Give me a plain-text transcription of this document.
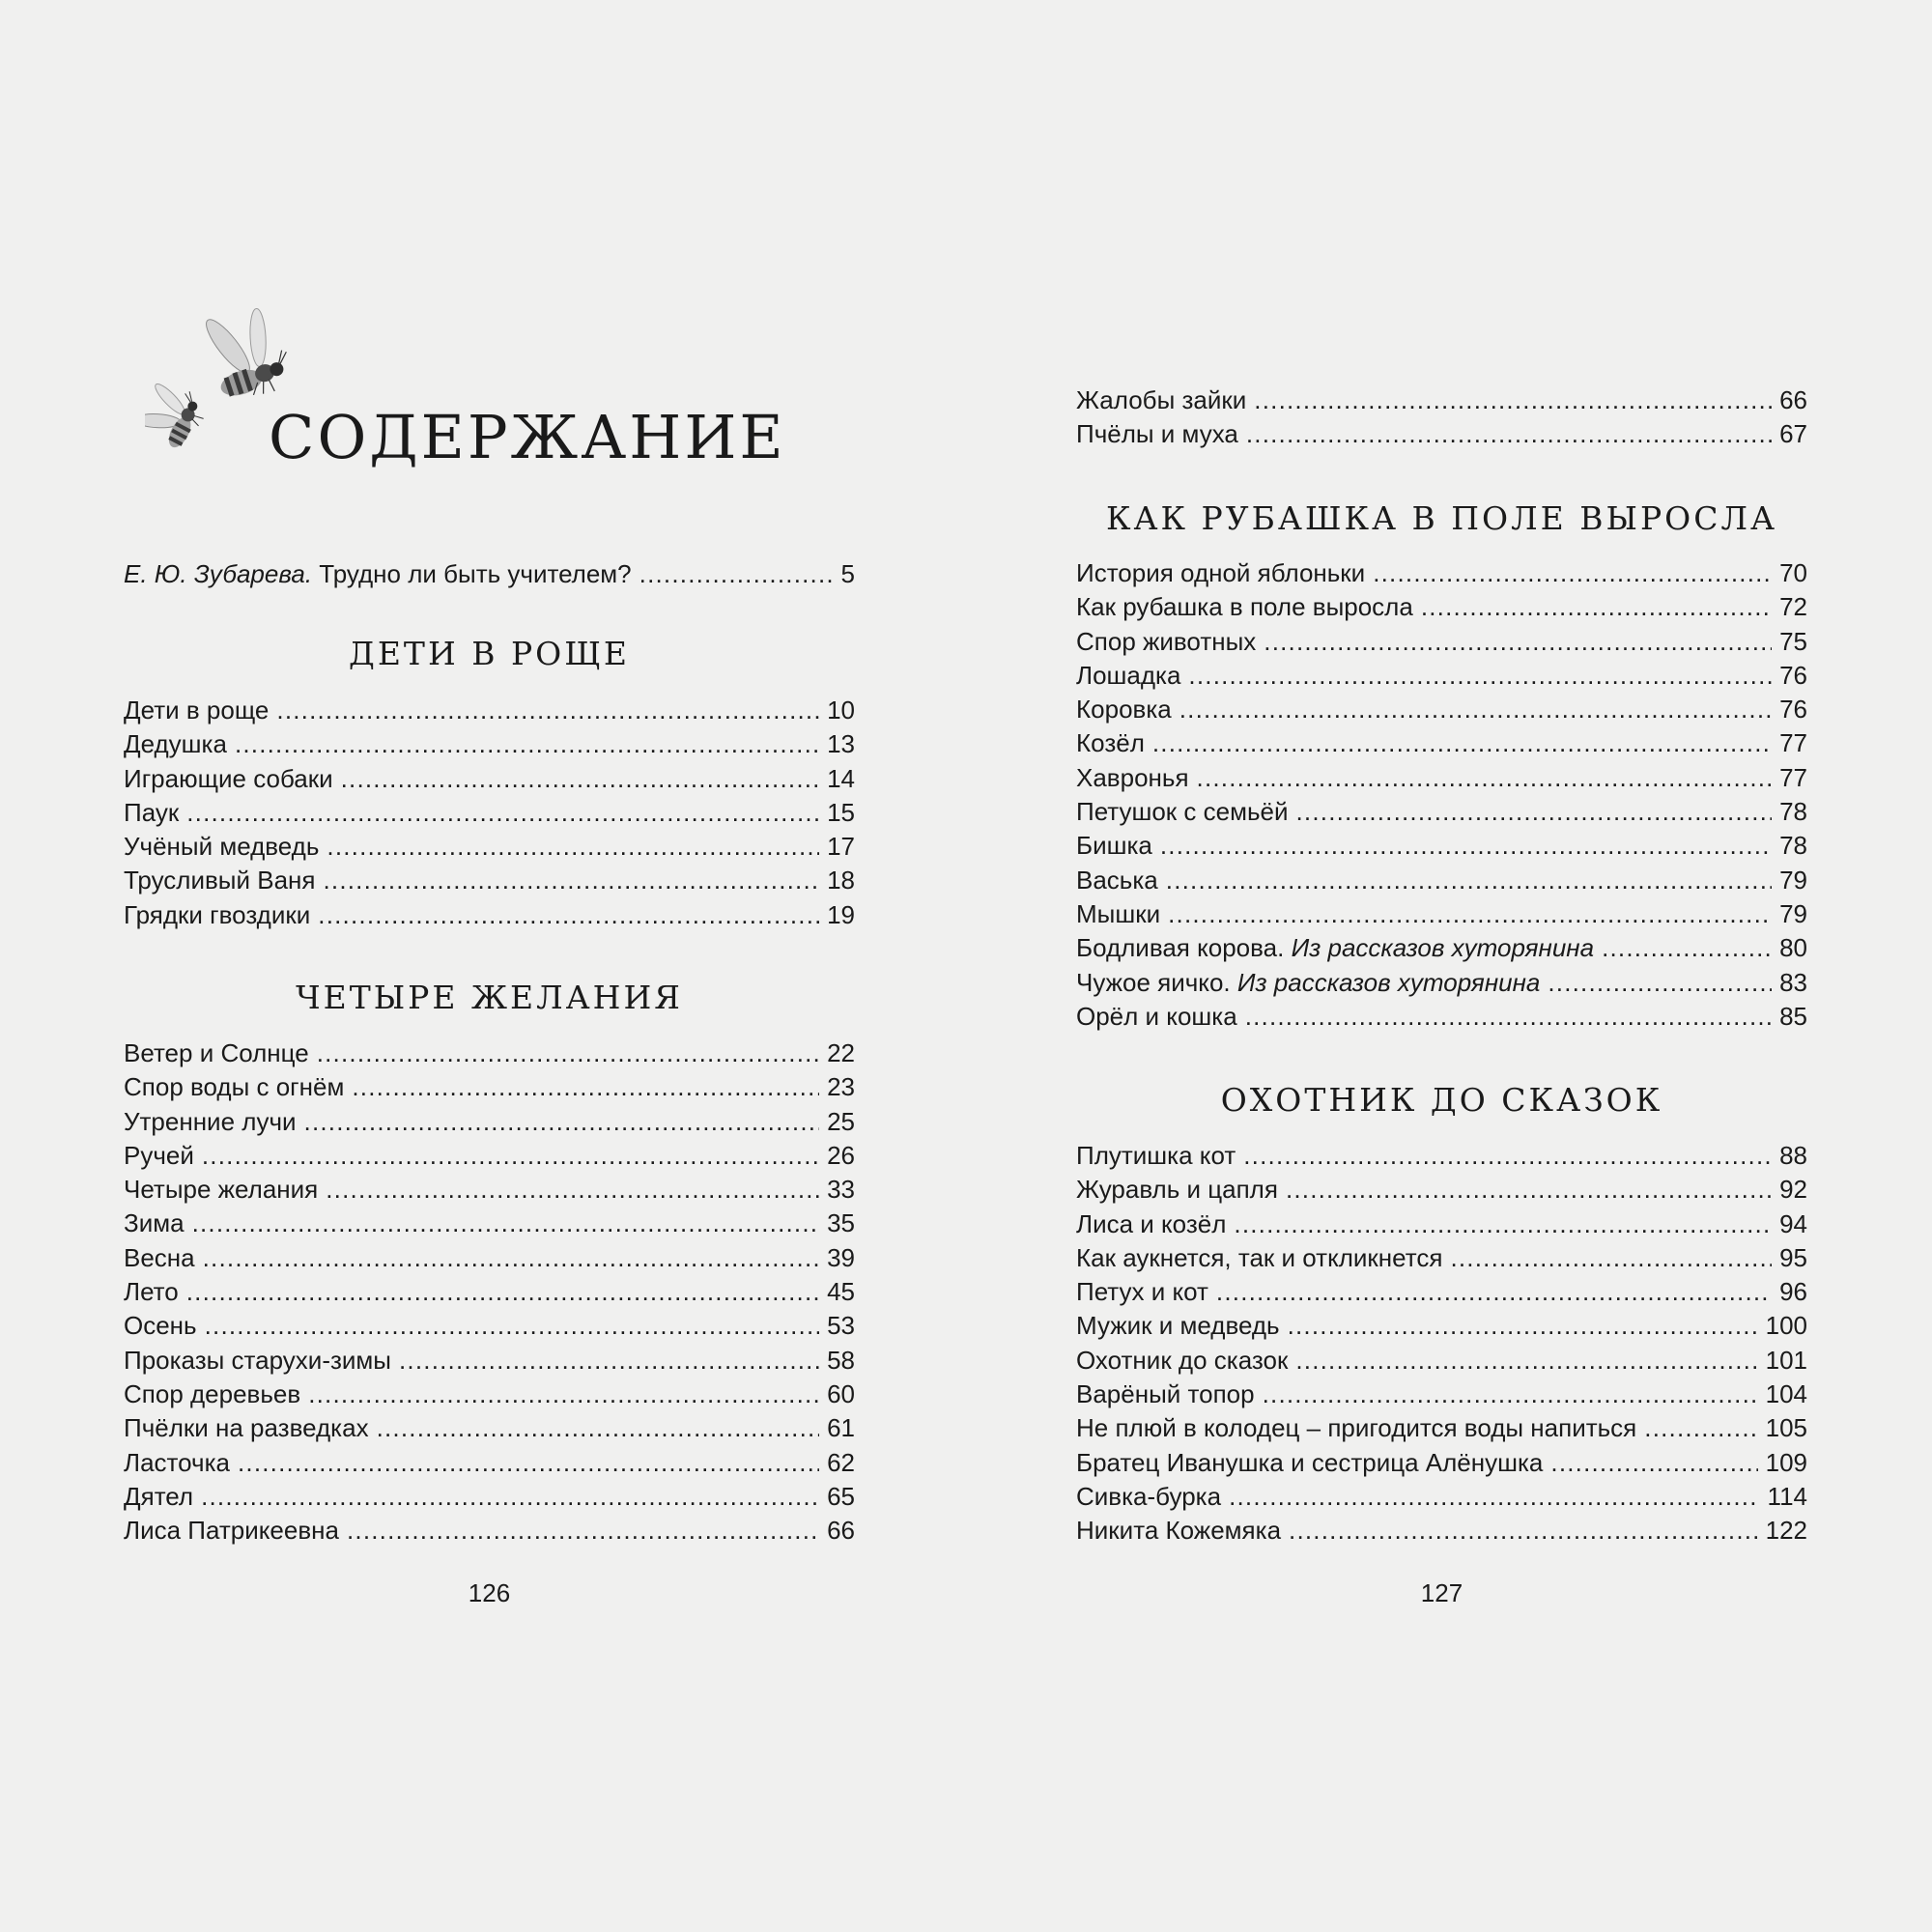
СОДЕРЖАНИЕ
Е. Ю. Зубарева. Трудно ли быть учителем? .....	5
ДЕТИ В РОЩЕ
Дети в роще .....	10
Дедушка .....	13
Играющие собаки .....	14
Паук .....	15
Учёный медведь .....	17
Трусливый Ваня .....	18
Грядки гвоздики .....	19
ЧЕТЫРЕ ЖЕЛАНИЯ
Ветер и Солнце .....	22
Спор воды с огнём .....	23
Утренние лучи .....	25
Ручей .....	26
Четыре желания .....	33
Зима .....	35
Весна .....	39
Лето .....	45
Осень .....	53
Проказы старухи-зимы .....	58
Спор деревьев .....	60
Пчёлки на разведках .....	61
Ласточка .....	62
Дятел .....	65
Лиса Патрикеевна .....	66
126
Жалобы зайки .....	66
Пчёлы и муха .....	67
КАК РУБАШКА В ПОЛЕ ВЫРОСЛА
История одной яблоньки .....	70
Как рубашка в поле выросла .....	72
Спор животных .....	75
Лошадка .....	76
Коровка .....	76
Козёл .....	77
Хавронья .....	77
Петушок с семьёй .....	78
Бишка .....	78
Васька .....	79
Мышки .....	79
Бодливая корова. Из рассказов хуторянина .....	80
Чужое яичко. Из рассказов хуторянина .....	83
Орёл и кошка .....	85
ОХОТНИК ДО СКАЗОК
Плутишка кот .....	88
Журавль и цапля .....	92
Лиса и козёл .....	94
Как аукнется, так и откликнется .....	95
Петух и кот .....	96
Мужик и медведь .....	100
Охотник до сказок .....	101
Варёный топор .....	104
Не плюй в колодец – пригодится воды напиться .....	105
Братец Иванушка и сестрица Алёнушка .....	109
Сивка-бурка .....	114
Никита Кожемяка .....	122
127
